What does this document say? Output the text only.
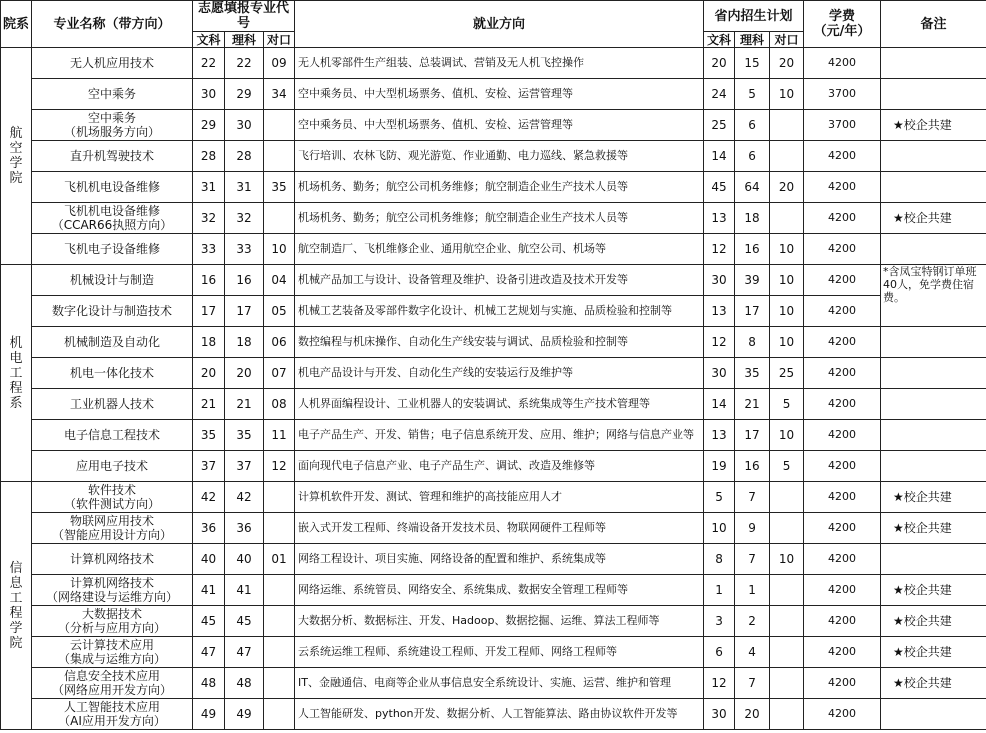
院系	专业名称（带方向）	志愿填报专业代号			就业方向	省内招生计划			学费
（元/年）	备注
		文科	理科	对口		文科	理科	对口		
航空学院	无人机应用技术	22	22	09	无人机零部件生产组装、总装调试、营销及无人机飞控操作	20	15	20	4200	
	空中乘务	30	29	34	空中乘务员、中大型机场票务、值机、安检、运营管理等	24	5	10	3700	
	空中乘务
（机场服务方向）	29	30		空中乘务员、中大型机场票务、值机、安检、运营管理等	25	6		3700	★校企共建
	直升机驾驶技术	28	28		飞行培训、农林飞防、观光游览、作业通勤、电力巡线、紧急救援等	14	6		4200	
	飞机机电设备维修	31	31	35	机场机务、勤务；航空公司机务维修；航空制造企业生产技术人员等	45	64	20	4200	
	飞机机电设备维修
（CCAR66执照方向）	32	32		机场机务、勤务；航空公司机务维修；航空制造企业生产技术人员等	13	18		4200	★校企共建
	飞机电子设备维修	33	33	10	航空制造厂、飞机维修企业、通用航空企业、航空公司、机场等	12	16	10	4200	
机电工程系	机械设计与制造	16	16	04	机械产品加工与设计、设备管理及维护、设备引进改造及技术开发等	30	39	10	4200	*含凤宝特钢订单班40人，免学费住宿费。
	数字化设计与制造技术	17	17	05	机械工艺装备及零部件数字化设计、机械工艺规划与实施、品质检验和控制等	13	17	10	4200	
	机械制造及自动化	18	18	06	数控编程与机床操作、自动化生产线安装与调试、品质检验和控制等	12	8	10	4200	
	机电一体化技术	20	20	07	机电产品设计与开发、自动化生产线的安装运行及维护等	30	35	25	4200	
	工业机器人技术	21	21	08	人机界面编程设计、工业机器人的安装调试、系统集成等生产技术管理等	14	21	5	4200	
	电子信息工程技术	35	35	11	电子产品生产、开发、销售；电子信息系统开发、应用、维护；网络与信息产业等	13	17	10	4200	
	应用电子技术	37	37	12	面向现代电子信息产业、电子产品生产、调试、改造及维修等	19	16	5	4200	
信息工程学院	软件技术
（软件测试方向）	42	42		计算机软件开发、测试、管理和维护的高技能应用人才	5	7		4200	★校企共建
	物联网应用技术
（智能应用设计方向）	36	36		嵌入式开发工程师、终端设备开发技术员、物联网硬件工程师等	10	9		4200	★校企共建
	计算机网络技术	40	40	01	网络工程设计、项目实施、网络设备的配置和维护、系统集成等	8	7	10	4200	
	计算机网络技术
（网络建设与运维方向）	41	41		网络运维、系统管员、网络安全、系统集成、数据安全管理工程师等	1	1		4200	★校企共建
	大数据技术
（分析与应用方向）	45	45		大数据分析、数据标注、开发、Hadoop、数据挖掘、运维、算法工程师等	3	2		4200	★校企共建
	云计算技术应用
（集成与运维方向）	47	47		云系统运维工程师、系统建设工程师、开发工程师、网络工程师等	6	4		4200	★校企共建
	信息安全技术应用
（网络应用开发方向）	48	48		IT、金融通信、电商等企业从事信息安全系统设计、实施、运营、维护和管理	12	7		4200	★校企共建
	人工智能技术应用
（AI应用开发方向）	49	49		人工智能研发、python开发、数据分析、人工智能算法、路由协议软件开发等	30	20		4200	
